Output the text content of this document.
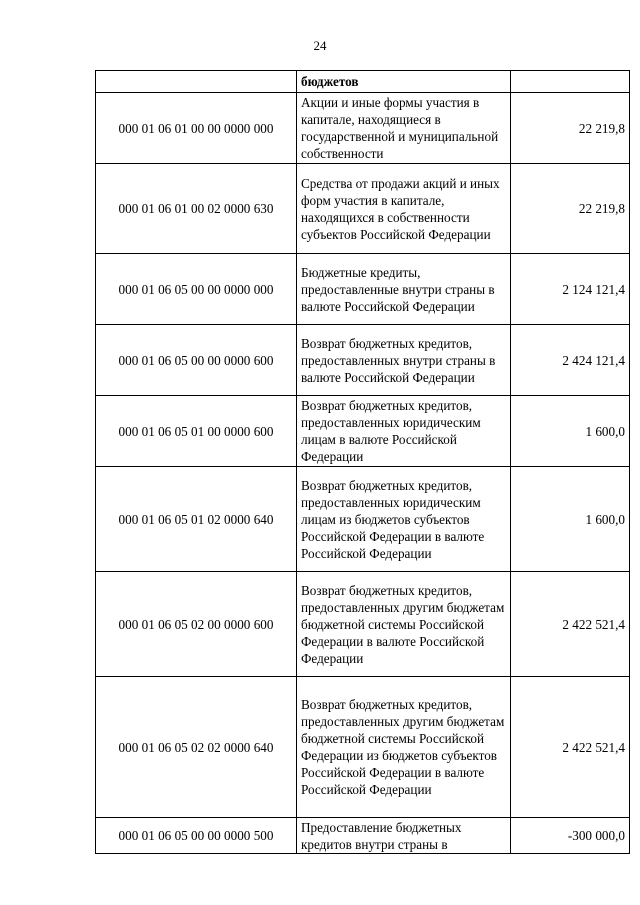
24
	бюджетов	
000 01 06 01 00 00 0000 000	Акции и иные формы участия в капитале, находящиеся в государственной и муниципальной собственности	22 219,8
000 01 06 01 00 02 0000 630	Средства от продажи акций и иных форм участия в капитале, находящихся в собственности субъектов Российской Федерации	22 219,8
000 01 06 05 00 00 0000 000	Бюджетные кредиты, предоставленные внутри страны в валюте Российской Федерации	2 124 121,4
000 01 06 05 00 00 0000 600	Возврат бюджетных кредитов, предоставленных внутри страны в валюте Российской Федерации	2 424 121,4
000 01 06 05 01 00 0000 600	Возврат бюджетных кредитов, предоставленных юридическим лицам в валюте Российской Федерации	1 600,0
000 01 06 05 01 02 0000 640	Возврат бюджетных кредитов, предоставленных юридическим лицам из бюджетов субъектов Российской Федерации в валюте Российской Федерации	1 600,0
000 01 06 05 02 00 0000 600	Возврат бюджетных кредитов, предоставленных другим бюджетам бюджетной системы Российской Федерации в валюте Российской Федерации	2 422 521,4
000 01 06 05 02 02 0000 640	Возврат бюджетных кредитов, предоставленных другим бюджетам бюджетной системы Российской Федерации из бюджетов субъектов Российской Федерации в валюте Российской Федерации	2 422 521,4
000 01 06 05 00 00 0000 500	Предоставление бюджетных кредитов внутри страны в	-300 000,0
